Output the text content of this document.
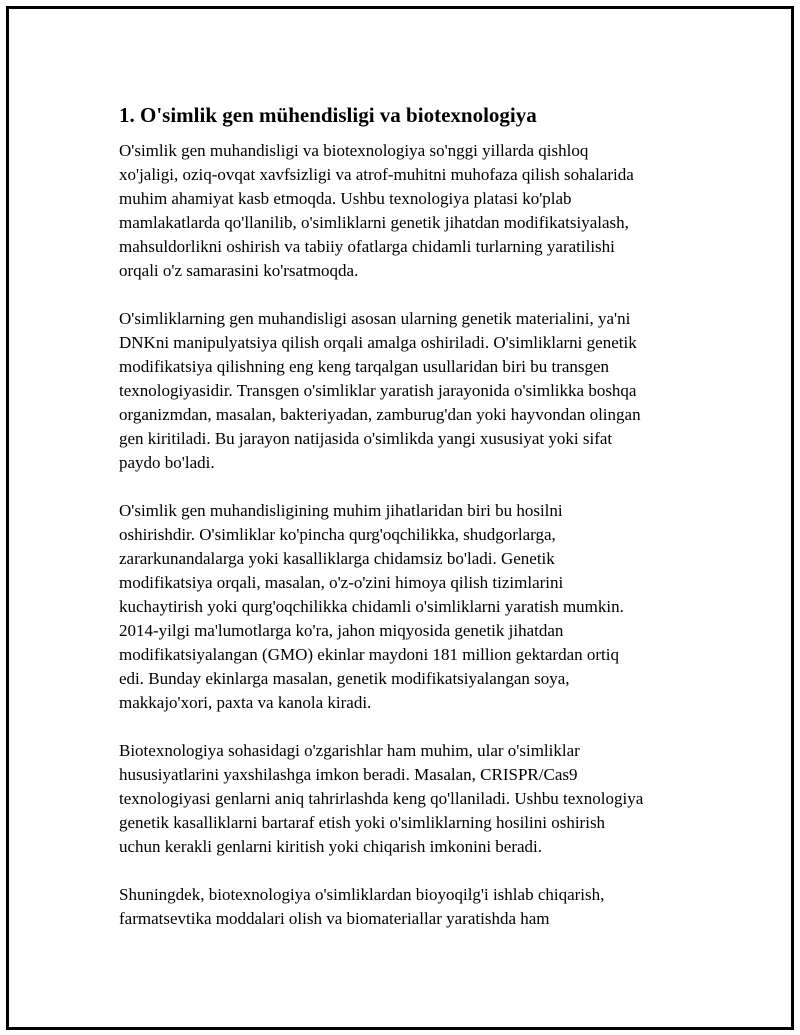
1. O'simlik gen mühendisligi va biotexnologiya

O'simlik gen muhandisligi va biotexnologiya so'nggi yillarda qishloq
xo'jaligi, oziq-ovqat xavfsizligi va atrof-muhitni muhofaza qilish sohalarida
muhim ahamiyat kasb etmoqda. Ushbu texnologiya platasi ko'plab
mamlakatlarda qo'llanilib, o'simliklarni genetik jihatdan modifikatsiyalash,
mahsuldorlikni oshirish va tabiiy ofatlarga chidamli turlarning yaratilishi
orqali o'z samarasini ko'rsatmoqda.

O'simliklarning gen muhandisligi asosan ularning genetik materialini, ya'ni
DNKni manipulyatsiya qilish orqali amalga oshiriladi. O'simliklarni genetik
modifikatsiya qilishning eng keng tarqalgan usullaridan biri bu transgen
texnologiyasidir. Transgen o'simliklar yaratish jarayonida o'simlikka boshqa
organizmdan, masalan, bakteriyadan, zamburug'dan yoki hayvondan olingan
gen kiritiladi. Bu jarayon natijasida o'simlikda yangi xususiyat yoki sifat
paydo bo'ladi.

O'simlik gen muhandisligining muhim jihatlaridan biri bu hosilni
oshirishdir. O'simliklar ko'pincha qurg'oqchilikka, shudgorlarga,
zararkunandalarga yoki kasalliklarga chidamsiz bo'ladi. Genetik
modifikatsiya orqali, masalan, o'z-o'zini himoya qilish tizimlarini
kuchaytirish yoki qurg'oqchilikka chidamli o'simliklarni yaratish mumkin.
2014-yilgi ma'lumotlarga ko'ra, jahon miqyosida genetik jihatdan
modifikatsiyalangan (GMO) ekinlar maydoni 181 million gektardan ortiq
edi. Bunday ekinlarga masalan, genetik modifikatsiyalangan soya,
makkajo'xori, paxta va kanola kiradi.

Biotexnologiya sohasidagi o'zgarishlar ham muhim, ular o'simliklar
hususiyatlarini yaxshilashga imkon beradi. Masalan, CRISPR/Cas9
texnologiyasi genlarni aniq tahrirlashda keng qo'llaniladi. Ushbu texnologiya
genetik kasalliklarni bartaraf etish yoki o'simliklarning hosilini oshirish
uchun kerakli genlarni kiritish yoki chiqarish imkonini beradi.

Shuningdek, biotexnologiya o'simliklardan bioyoqilg'i ishlab chiqarish,
farmatsevtika moddalari olish va biomateriallar yaratishda ham
